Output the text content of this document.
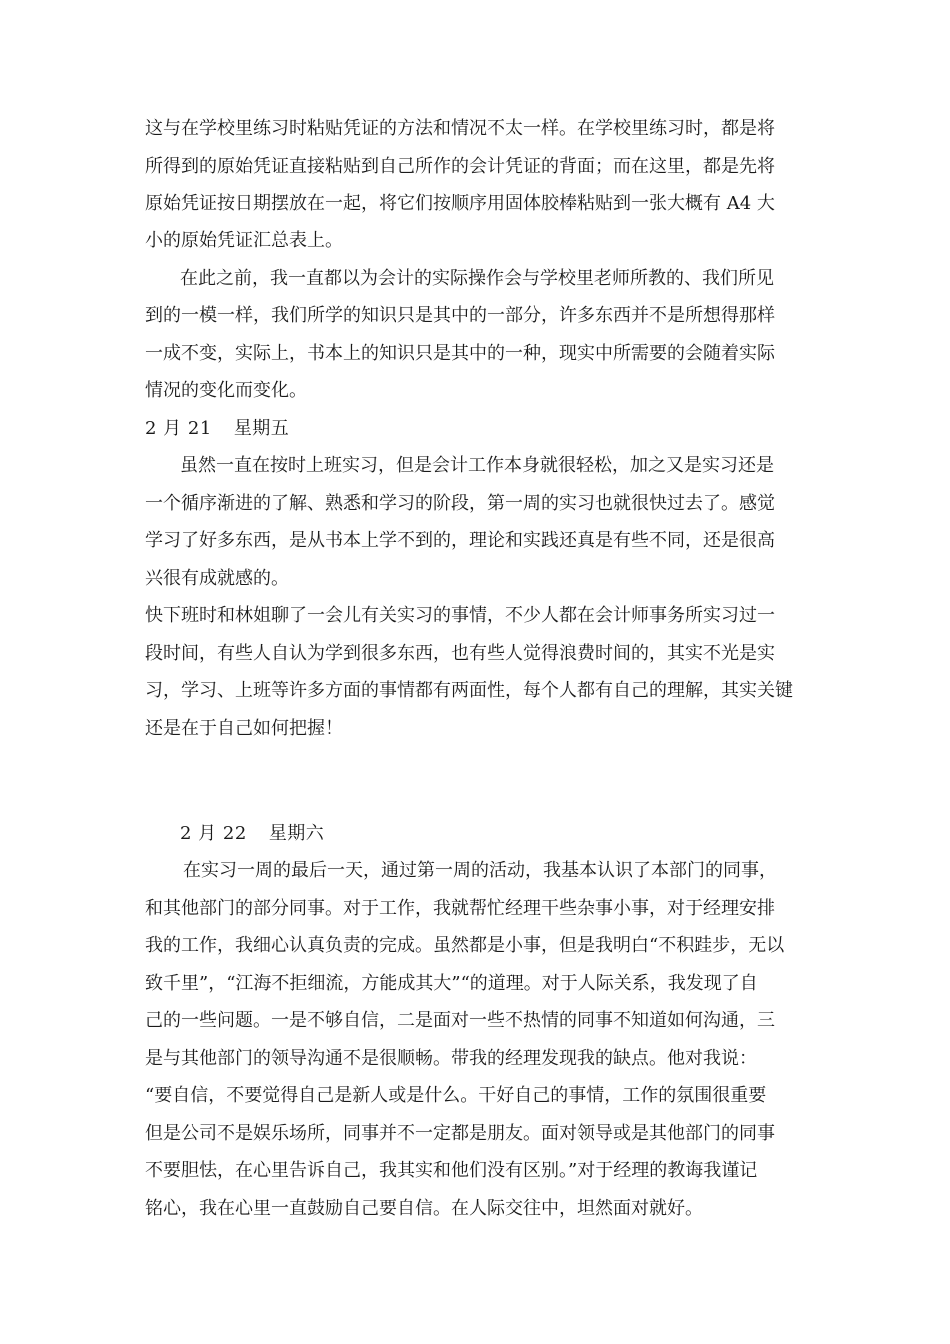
这与在学校里练习时粘贴凭证的方法和情况不太一样。在学校里练习时，都是将
所得到的原始凭证直接粘贴到自己所作的会计凭证的背面；而在这里，都是先将
原始凭证按日期摆放在一起，将它们按顺序用固体胶棒粘贴到一张大概有 A4 大
小的原始凭证汇总表上。
在此之前，我一直都以为会计的实际操作会与学校里老师所教的、我们所见
到的一模一样，我们所学的知识只是其中的一部分，许多东西并不是所想得那样
一成不变，实际上，书本上的知识只是其中的一种，现实中所需要的会随着实际
情况的变化而变化。
2 月 21 星期五
虽然一直在按时上班实习，但是会计工作本身就很轻松，加之又是实习还是
一个循序渐进的了解、熟悉和学习的阶段，第一周的实习也就很快过去了。感觉
学习了好多东西，是从书本上学不到的，理论和实践还真是有些不同，还是很高
兴很有成就感的。
快下班时和林姐聊了一会儿有关实习的事情，不少人都在会计师事务所实习过一
段时间，有些人自认为学到很多东西，也有些人觉得浪费时间的，其实不光是实
习，学习、上班等许多方面的事情都有两面性，每个人都有自己的理解，其实关键
还是在于自己如何把握！
2 月 22 星期六
在实习一周的最后一天，通过第一周的活动，我基本认识了本部门的同事，
和其他部门的部分同事。对于工作，我就帮忙经理干些杂事小事，对于经理安排
我的工作，我细心认真负责的完成。虽然都是小事，但是我明白“不积跬步，无以
致千里”，“江海不拒细流，方能成其大”“的道理。对于人际关系，我发现了自
己的一些问题。一是不够自信，二是面对一些不热情的同事不知道如何沟通，三
是与其他部门的领导沟通不是很顺畅。带我的经理发现我的缺点。他对我说：
“要自信，不要觉得自己是新人或是什么。干好自己的事情，工作的氛围很重要
但是公司不是娱乐场所，同事并不一定都是朋友。面对领导或是其他部门的同事
不要胆怯，在心里告诉自己，我其实和他们没有区别。”对于经理的教诲我谨记
铭心，我在心里一直鼓励自己要自信。在人际交往中，坦然面对就好。
